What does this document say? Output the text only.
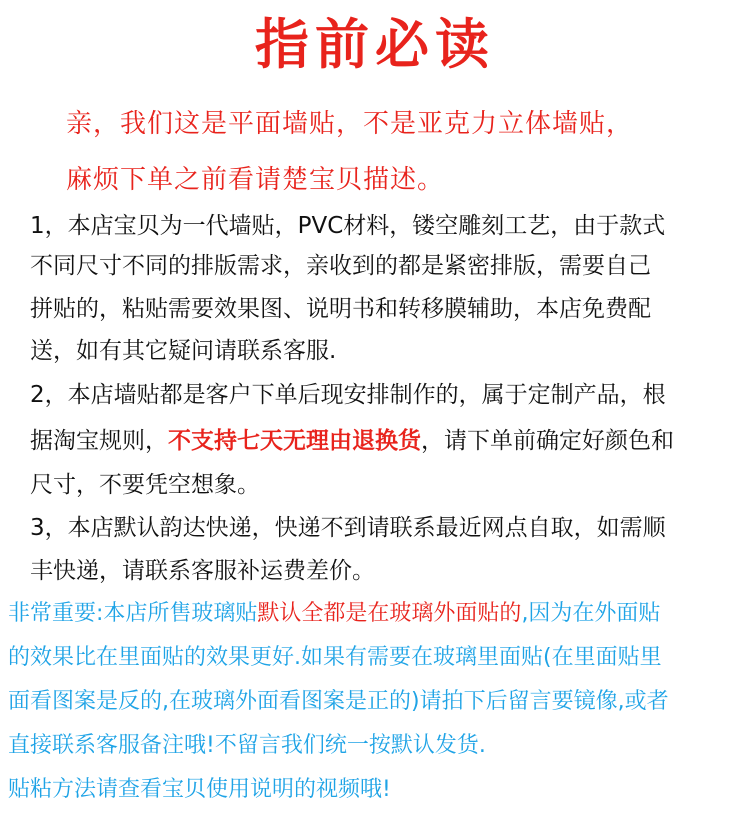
指前必读
亲，我们这是平面墙贴，不是亚克力立体墙贴，
麻烦下单之前看请楚宝贝描述。
1，本店宝贝为一代墙贴，PVC材料，镂空雕刻工艺，由于款式
不同尺寸不同的排版需求，亲收到的都是紧密排版，需要自己
拼贴的，粘贴需要效果图、说明书和转移膜辅助，本店免费配
送，如有其它疑问请联系客服.
2，本店墙贴都是客户下单后现安排制作的，属于定制产品，根
据淘宝规则，不支持七天无理由退换货，请下单前确定好颜色和
尺寸，不要凭空想象。
3，本店默认韵达快递，快递不到请联系最近网点自取，如需顺
丰快递，请联系客服补运费差价。
非常重要:本店所售玻璃贴默认全都是在玻璃外面贴的,因为在外面贴
的效果比在里面贴的效果更好.如果有需要在玻璃里面贴(在里面贴里
面看图案是反的,在玻璃外面看图案是正的)请拍下后留言要镜像,或者
直接联系客服备注哦!不留言我们统一按默认发货.
贴粘方法请查看宝贝使用说明的视频哦!
